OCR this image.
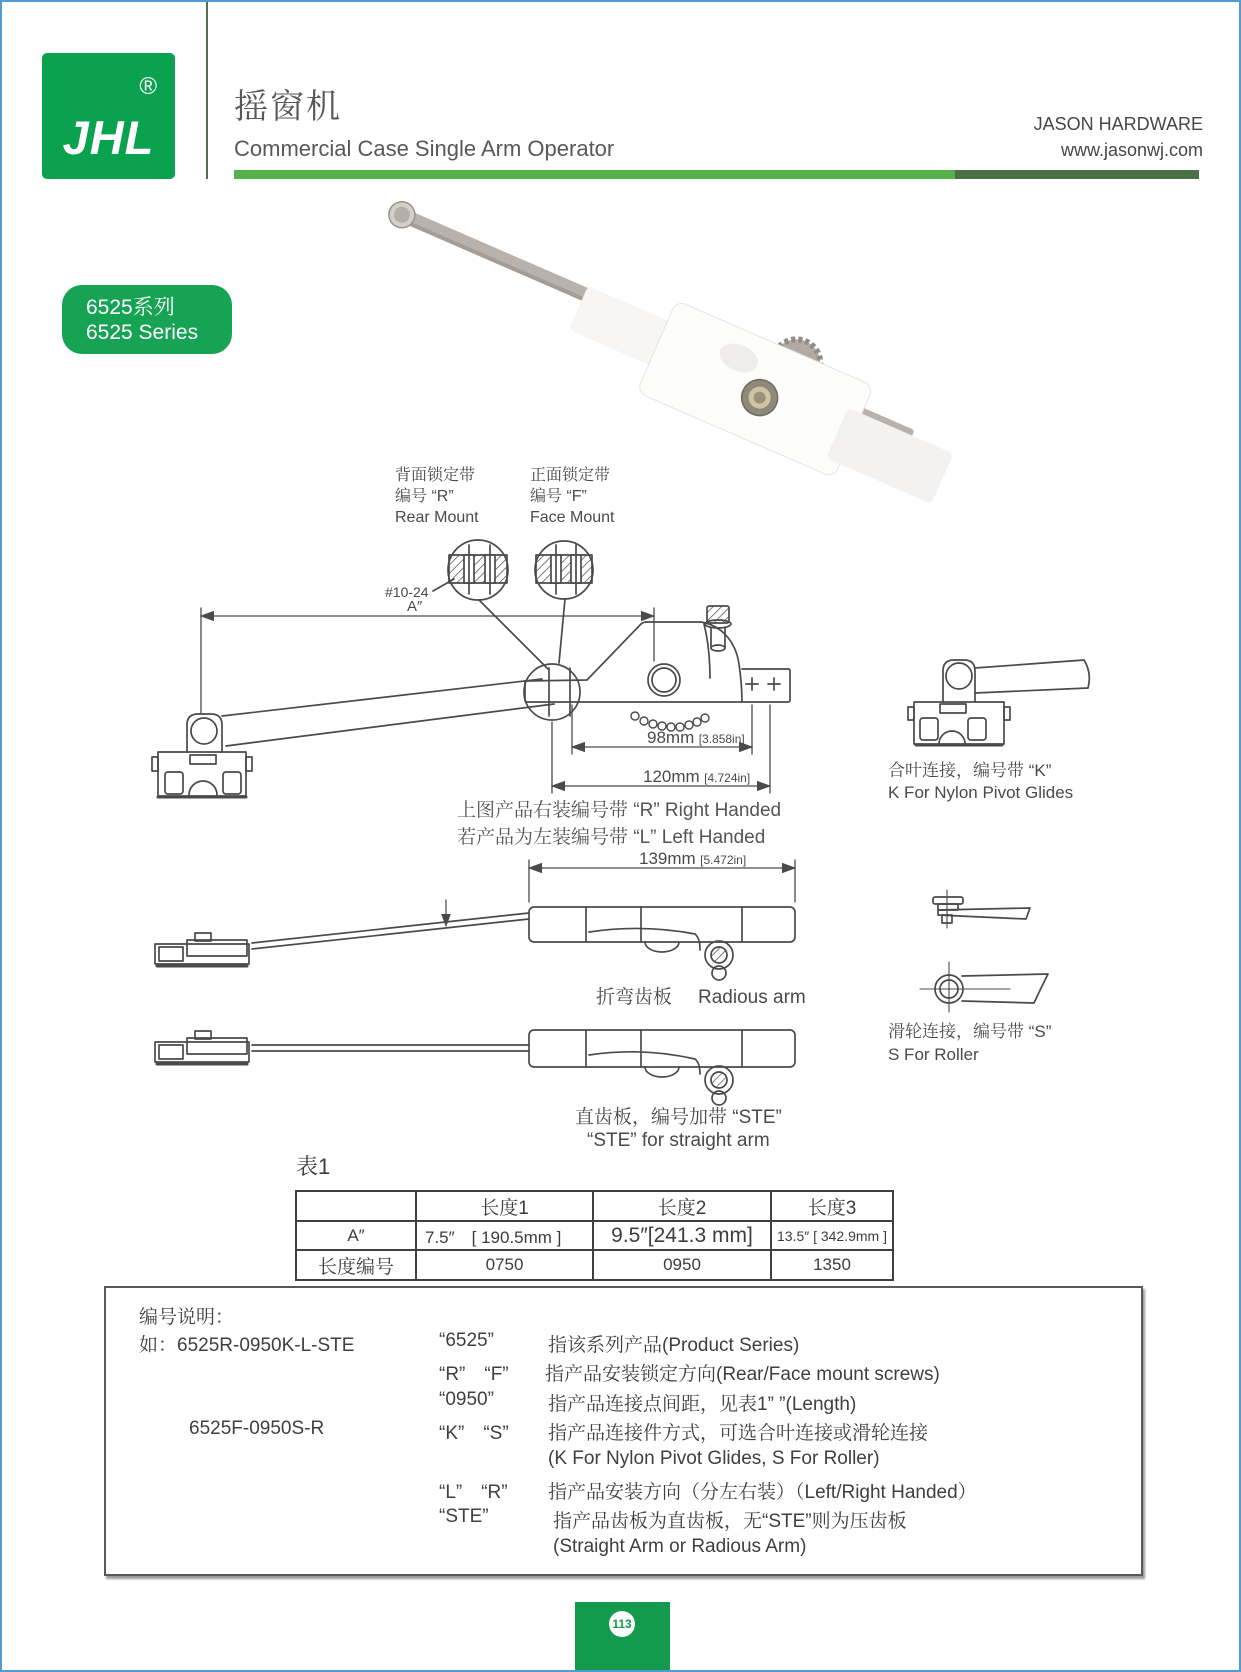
®
JHL
摇窗机
Commercial Case Single Arm Operator
JASON HARDWARE
www.jasonwj.com
6525系列
6525 Series
背面锁定带
编号 “R”
Rear Mount
正面锁定带
编号 “F”
Face Mount
#10-24
A″
98mm [3.858in]
120mm [4.724in]
139mm [5.472in]
上图产品右装编号带 “R” Right Handed
若产品为左装编号带 “L” Left Handed
合叶连接，编号带 “K”
K For Nylon Pivot Glides
折弯齿板 Radious arm
滑轮连接，编号带 “S”
S For Roller
直齿板，编号加带 “STE”
“STE” for straight arm
表1
	长度1	长度2	长度3
A″	7.5″　[ 190.5mm ]	9.5″[241.3 mm]	13.5″ [ 342.9mm ]
长度编号	0750	0950	1350
编号说明：
如：6525R-0950K-L-STE
6525F-0950S-R
“6525”	指该系列产品(Product Series)
“R”　“F” 指产品安装锁定方向(Rear/Face mount screws)
“0950”	指产品连接点间距，见表1” ”(Length)
“K”　“S” 指产品连接件方式，可选合叶连接或滑轮连接
(K For Nylon Pivot Glides, S For Roller)
“L”　“R” 指产品安装方向（分左右装）（Left/Right Handed）
“STE”	指产品齿板为直齿板，无“STE”则为压齿板
(Straight Arm or Radious Arm)
113
